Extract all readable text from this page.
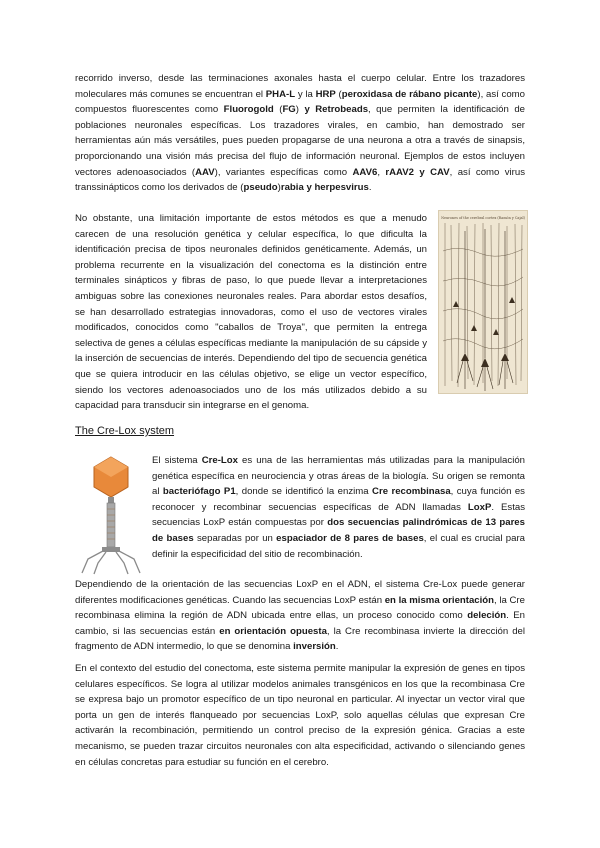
recorrido inverso, desde las terminaciones axonales hasta el cuerpo celular. Entre los trazadores moleculares más comunes se encuentran el PHA-L y la HRP (peroxidasa de rábano picante), así como compuestos fluorescentes como Fluorogold (FG) y Retrobeads, que permiten la identificación de poblaciones neuronales específicas. Los trazadores virales, en cambio, han demostrado ser herramientas aún más versátiles, pues pueden propagarse de una neurona a otra a través de sinapsis, proporcionando una visión más precisa del flujo de información neuronal. Ejemplos de estos incluyen vectores adenoasociados (AAV), variantes específicas como AAV6, rAAV2 y CAV, así como virus transsinápticos como los derivados de (pseudo)rabia y herpesvirus.

No obstante, una limitación importante de estos métodos es que a menudo carecen de una resolución genética y celular específica, lo que dificulta la identificación precisa de tipos neuronales definidos genéticamente. Además, un problema recurrente en la visualización del conectoma es la distinción entre terminales sinápticos y fibras de paso, lo que puede llevar a interpretaciones ambiguas sobre las conexiones neuronales reales. Para abordar estos desafíos, se han desarrollado estrategias innovadoras, como el uso de vectores virales modificados, conocidos como "caballos de Troya", que permiten la entrega selectiva de genes a células específicas mediante la manipulación de su cápside y la inserción de secuencias de interés. Dependiendo del tipo de secuencia genética que se quiera introducir en las células objetivo, se elige un vector específico, siendo los vectores adenoasociados uno de los más utilizados debido a su capacidad para transducir sin integrarse en el genoma.

Neurones of the cerebral cortex (Ramón y Cajal)
The Cre-Lox system

El sistema Cre-Lox es una de las herramientas más utilizadas para la manipulación genética específica en neurociencia y otras áreas de la biología. Su origen se remonta al bacteriófago P1, donde se identificó la enzima Cre recombinasa, cuya función es reconocer y recombinar secuencias específicas de ADN llamadas LoxP. Estas secuencias LoxP están compuestas por dos secuencias palindrómicas de 13 pares de bases separadas por un espaciador de 8 pares de bases, el cual es crucial para definir la especificidad del sitio de recombinación.

Dependiendo de la orientación de las secuencias LoxP en el ADN, el sistema Cre-Lox puede generar diferentes modificaciones genéticas. Cuando las secuencias LoxP están en la misma orientación, la Cre recombinasa elimina la región de ADN ubicada entre ellas, un proceso conocido como deleción. En cambio, si las secuencias están en orientación opuesta, la Cre recombinasa invierte la dirección del fragmento de ADN intermedio, lo que se denomina inversión.

En el contexto del estudio del conectoma, este sistema permite manipular la expresión de genes en tipos celulares específicos. Se logra al utilizar modelos animales transgénicos en los que la recombinasa Cre se expresa bajo un promotor específico de un tipo neuronal en particular. Al inyectar un vector viral que porta un gen de interés flanqueado por secuencias LoxP, solo aquellas células que expresan Cre activarán la recombinación, permitiendo un control preciso de la expresión génica. Gracias a este mecanismo, se pueden trazar circuitos neuronales con alta especificidad, activando o silenciando genes en células concretas para estudiar su función en el cerebro.
